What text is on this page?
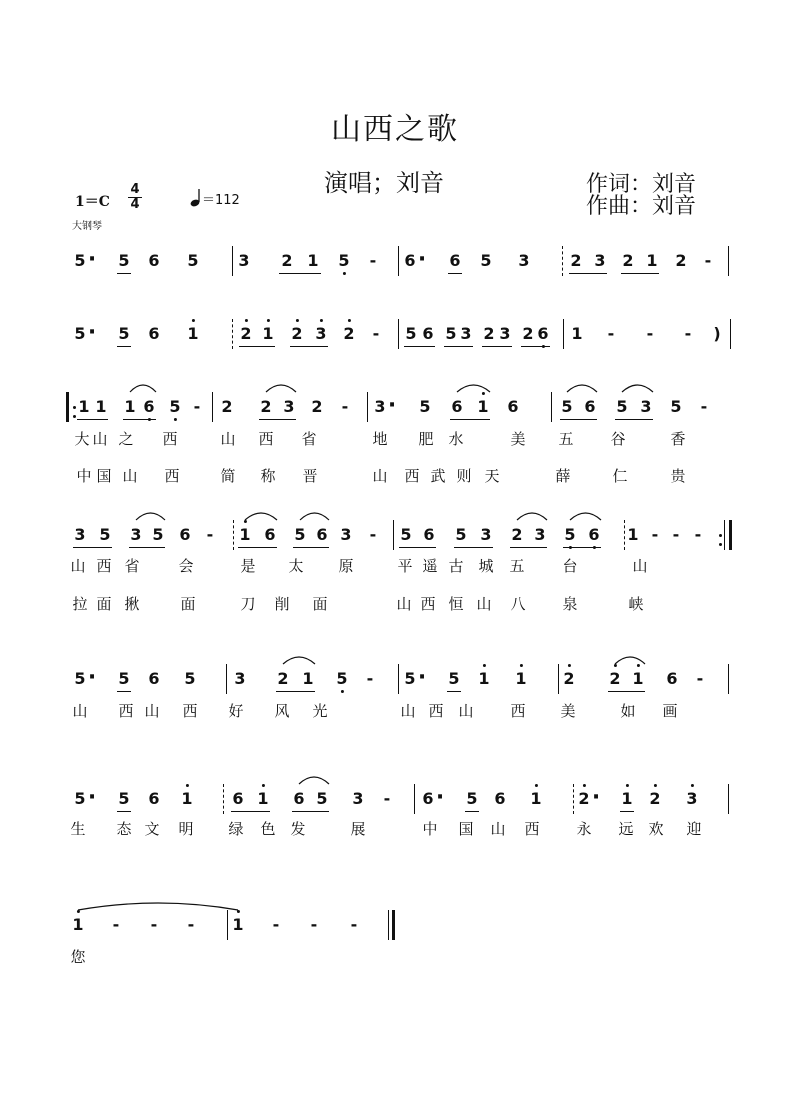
山西之歌
演唱；刘音	作词：刘音
作曲：刘音
1＝C
4
4	＝112
大钢琴
5 · 5 6 5 3 2 1 5 - 6 · 6 5 3	2 3 2 1 2 -
5 · 5 6 1	2 1 2 3 2 - 5 6 5 3 2 3 2 6 1 - - - )
1 1 1 6 5 - 2 2 3 2 - 3 · 5 6 1 6	5 6 5 3 5 -
大 山 之 西	山 西 省	地 肥 水	美 五 谷	香
中 国 山 西	简 称 晋	山 西 武 则 天	薛	仁	贵
3 5 3 5 6 - 1 6 5 6 3 - 5 6 5 3 2 3 5 6 1 - - -
山 西 省	会	是 太 原	平 遥 古 城 五	台	山
拉 面 揪	面	刀 削 面	山 西 恒 山 八 泉	峡
5 · 5 6 5 3 2 1 5 - 5 · 5 1 1 2 2 1 6 -
山 西 山 西 好 风 光	山 西 山 西 美	如 画
5 · 5 6 1 6 1 6 5 3 - 6 · 5 6 1 2 · 1 2 3
生 态 文 明 绿 色 发	展	中 国 山 西 永 远 欢 迎
1 - - - 1 - - -
您
